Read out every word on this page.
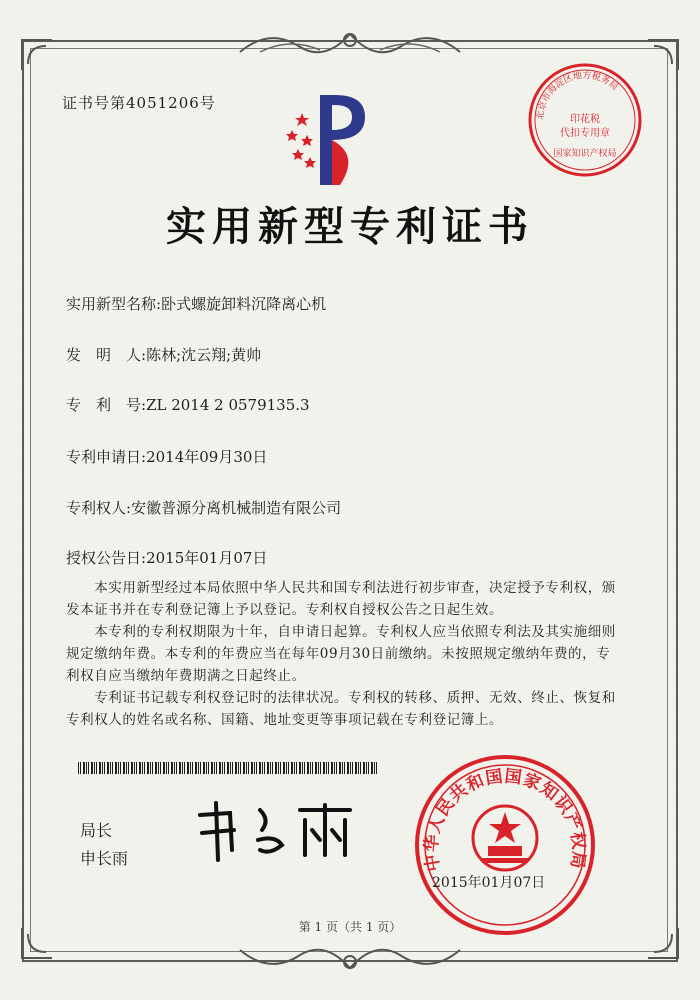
证书号第4051206号
北京市海淀区地方税务局
印花税
代扣专用章
国家知识产权局
实用新型专利证书
实用新型名称:卧式螺旋卸料沉降离心机
发　明　人:陈林;沈云翔;黄帅
专　利　号:ZL 2014 2 0579135.3
专利申请日:2014年09月30日
专利权人:安徽普源分离机械制造有限公司
授权公告日:2015年01月07日
　　本实用新型经过本局依照中华人民共和国专利法进行初步审查，决定授予专利权，颁
发本证书并在专利登记簿上予以登记。专利权自授权公告之日起生效。
　　本专利的专利权期限为十年，自申请日起算。专利权人应当依照专利法及其实施细则
规定缴纳年费。本专利的年费应当在每年09月30日前缴纳。未按照规定缴纳年费的，专
利权自应当缴纳年费期满之日起终止。
　　专利证书记载专利权登记时的法律状况。专利权的转移、质押、无效、终止、恢复和
专利权人的姓名或名称、国籍、地址变更等事项记载在专利登记簿上。
局长
申长雨	中华人民共和国国家知识产权局
2015年01月07日
第 1 页（共 1 页）
